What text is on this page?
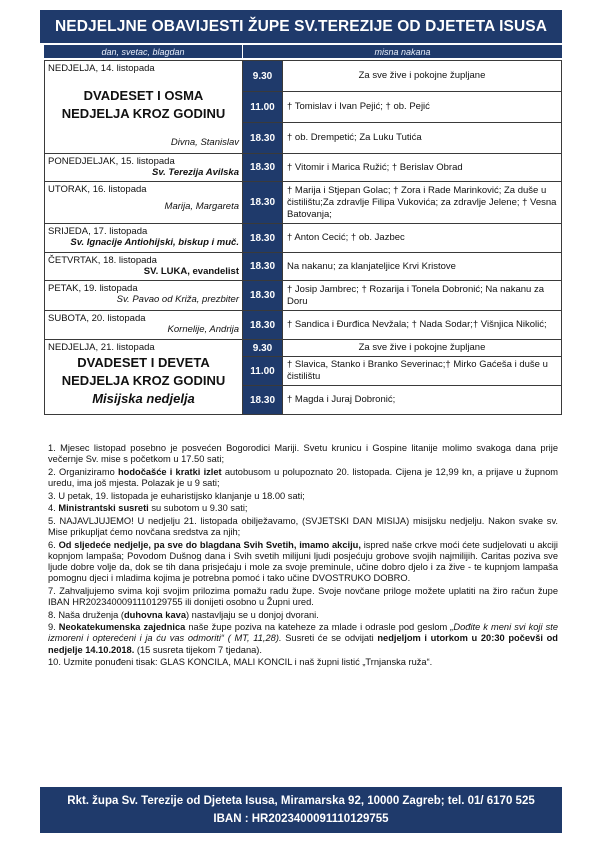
NEDJELJNE OBAVIJESTI ŽUPE SV.TEREZIJE OD DJETETA ISUSA
dan, svetac, blagdan	misna nakana
NEDJELJA, 14. listopada
DVADESET I OSMA
NEDJELJA KROZ GODINU
Divna, Stanislav	9.30	Za sve žive i pokojne župljane
	11.00	† Tomislav i Ivan Pejić; † ob. Pejić
	18.30	† ob. Drempetić; Za Luku Tutića

PONEDJELJAK, 15. listopada
Sv. Terezija Avilska	18.30	† Vitomir i Marica Ružić; † Berislav Obrad

UTORAK, 16. listopada
Marija, Margareta	18.30	† Marija i Stjepan Golac; † Zora i Rade Marinković; Za duše u čistilištu;Za zdravlje Filipa Vukovića; za zdravlje Jelene; † Vesna Batovanja;

SRIJEDA, 17. listopada
Sv. Ignacije Antiohijski, biskup i muč.	18.30	† Anton Cecić; † ob. Jazbec

ČETVRTAK, 18. listopada
SV. LUKA, evandelist	18.30	Na nakanu; za klanjateljice Krvi Kristove

PETAK, 19. listopada
Sv. Pavao od Križa, prezbiter	18.30	† Josip Jambrec; † Rozarija i Tonela Dobronić; Na nakanu za Doru

SUBOTA, 20. listopada
Kornelije, Andrija	18.30	† Sandica i Đurđica Nevžala; † Nada Sodar;† Višnjica Nikolić;

NEDJELJA, 21. listopada
DVADESET I DEVETA
NEDJELJA KROZ GODINU
Misijska nedjelja	9.30	Za sve žive i pokojne župljane
	11.00	† Slavica, Stanko i Branko Severinac;† Mirko Gaćeša i duše u čistilištu
	18.30	† Magda i Juraj Dobronić;

1. Mjesec listopad posebno je posvećen Bogorodici Mariji. Svetu krunicu i Gospine litanije molimo svakoga dana prije večernje Sv. mise s početkom u 17.50 sati;

2. Organiziramo hodočašće i kratki izlet autobusom u polupoznato 20. listopada. Cijena je 12,99 kn, a prijave u župnom uredu, ima još mjesta. Polazak je u 9 sati;

3. U petak, 19. listopada je euharistijsko klanjanje u 18.00 sati;

4. Ministrantski susreti su subotom u 9.30 sati;

5. NAJAVLJUJEMO! U nedjelju 21. listopada obilježavamo, (SVJETSKI DAN MISIJA) misijsku nedjelju. Nakon svake sv. Mise prikupljat ćemo novčana sredstva za njih;

6. Od sljedeće nedjelje, pa sve do blagdana Svih Svetih, imamo akciju, ispred naše crkve moći ćete sudjelovati u akciji kopnjom lampaša; Povodom Dušnog dana i Svih svetih milijuni ljudi posjećuju grobove svojih najmilijih. Caritas poziva sve ljude dobre volje da, dok se tih dana prisjećaju i mole za svoje preminule, učine dobro djelo i za žive - te kupnjom lampaša pomognu djeci i mladima kojima je potrebna pomoć i tako učine DVOSTRUKO DOBRO.

7. Zahvaljujemo svima koji svojim prilozima pomažu radu župe. Svoje novčane priloge možete uplatiti na žiro račun župe IBAN HR2023400091110129755 ili donijeti osobno u Župni ured.

8. Naša druženja (duhovna kava) nastavljaju se u donjoj dvorani.

9. Neokatekumenska zajednica naše župe poziva na kateheze za mlade i odrasle pod geslom „Dođite k meni svi koji ste izmoreni i opterećeni i ja ću vas odmoriti“ ( MT, 11,28). Susreti će se odvijati nedjeljom i utorkom u 20:30 počevši od nedjelje 14.10.2018. (15 susreta tijekom 7 tjedana).

10. Uzmite ponuđeni tisak: GLAS KONCILA, MALI KONCIL i naš župni listić „Trnjanska ruža“.

Rkt. župa Sv. Terezije od Djeteta Isusa, Miramarska 92, 10000 Zagreb; tel. 01/ 6170 525
IBAN : HR2023400091110129755
